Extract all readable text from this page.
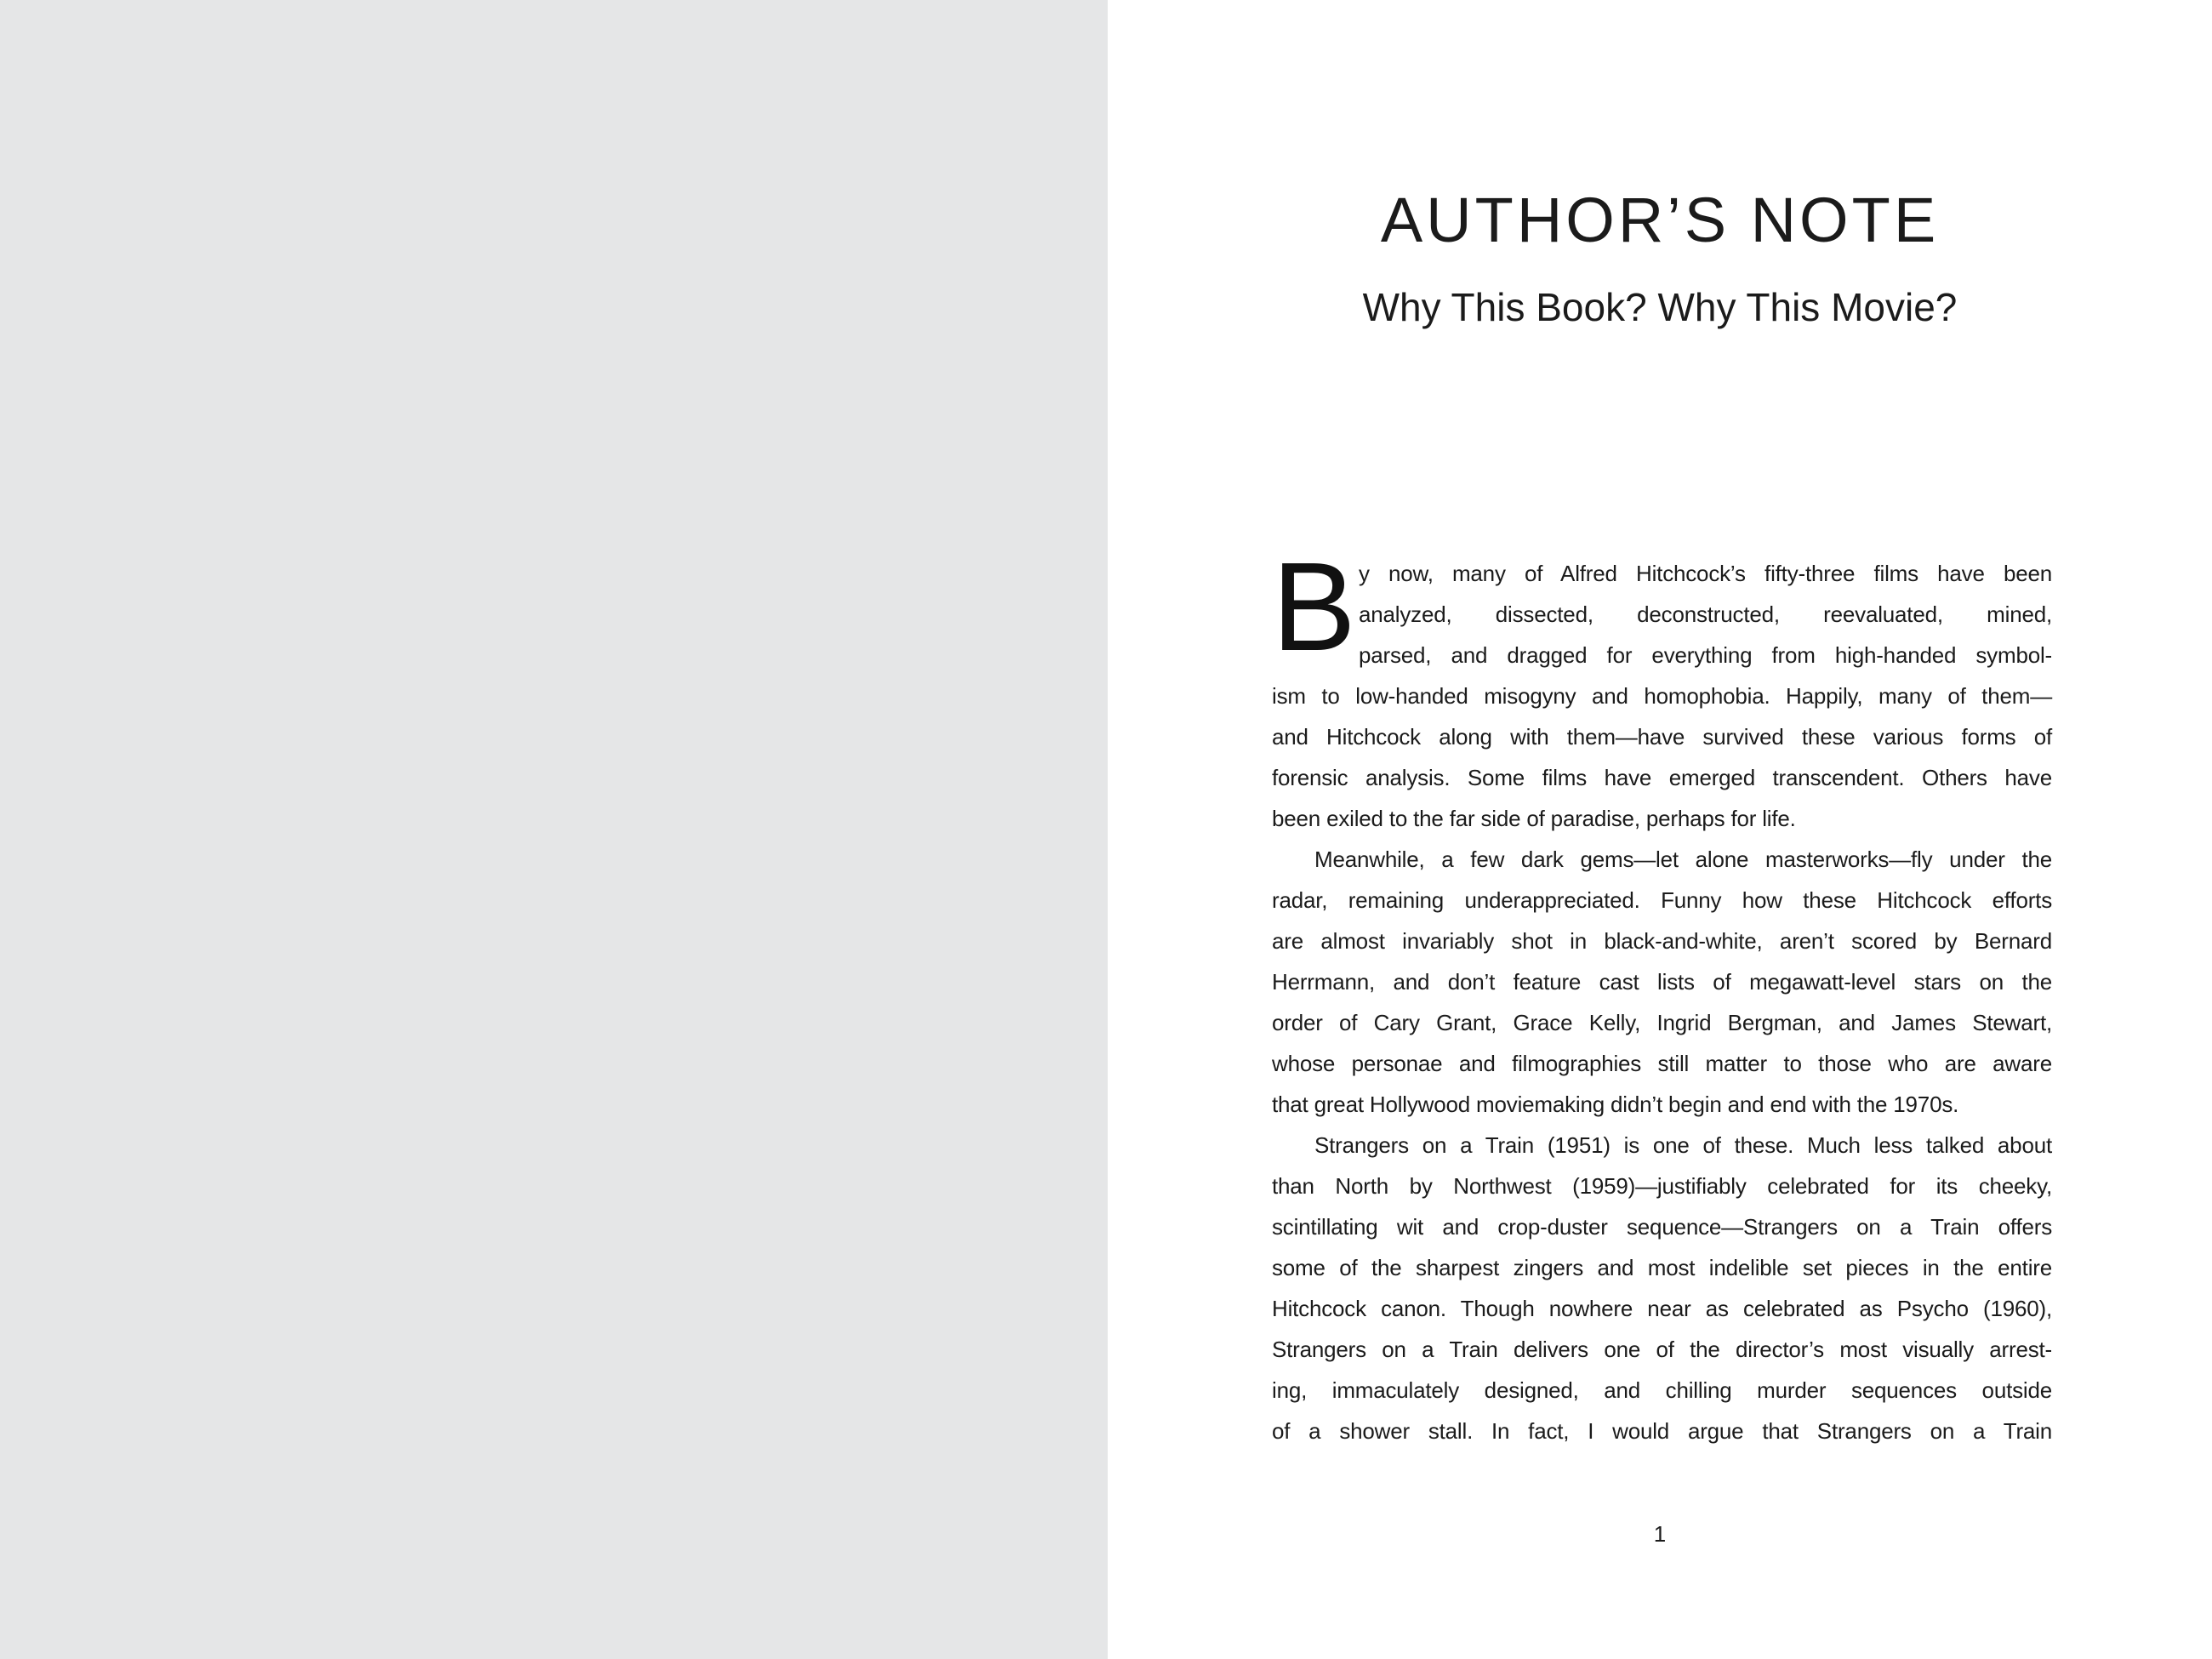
AUTHOR’S NOTE
Why This Book? Why This Movie?
B y now, many of Alfred Hitchcock’s fifty-three films have been
analyzed, dissected, deconstructed, reevaluated, mined,
parsed, and dragged for everything from high-handed symbol-
ism to low-handed misogyny and homophobia. Happily, many of them—
and Hitchcock along with them—have survived these various forms of
forensic analysis. Some films have emerged transcendent. Others have
been exiled to the far side of paradise, perhaps for life.
Meanwhile, a few dark gems—let alone masterworks—fly under the
radar, remaining underappreciated. Funny how these Hitchcock efforts
are almost invariably shot in black-and-white, aren’t scored by Bernard
Herrmann, and don’t feature cast lists of megawatt-level stars on the
order of Cary Grant, Grace Kelly, Ingrid Bergman, and James Stewart,
whose personae and filmographies still matter to those who are aware
that great Hollywood moviemaking didn’t begin and end with the 1970s.
Strangers on a Train (1951) is one of these. Much less talked about
than North by Northwest (1959)—justifiably celebrated for its cheeky,
scintillating wit and crop-duster sequence—Strangers on a Train offers
some of the sharpest zingers and most indelible set pieces in the entire
Hitchcock canon. Though nowhere near as celebrated as Psycho (1960),
Strangers on a Train delivers one of the director’s most visually arrest-
ing, immaculately designed, and chilling murder sequences outside
of a shower stall. In fact, I would argue that Strangers on a Train
1
